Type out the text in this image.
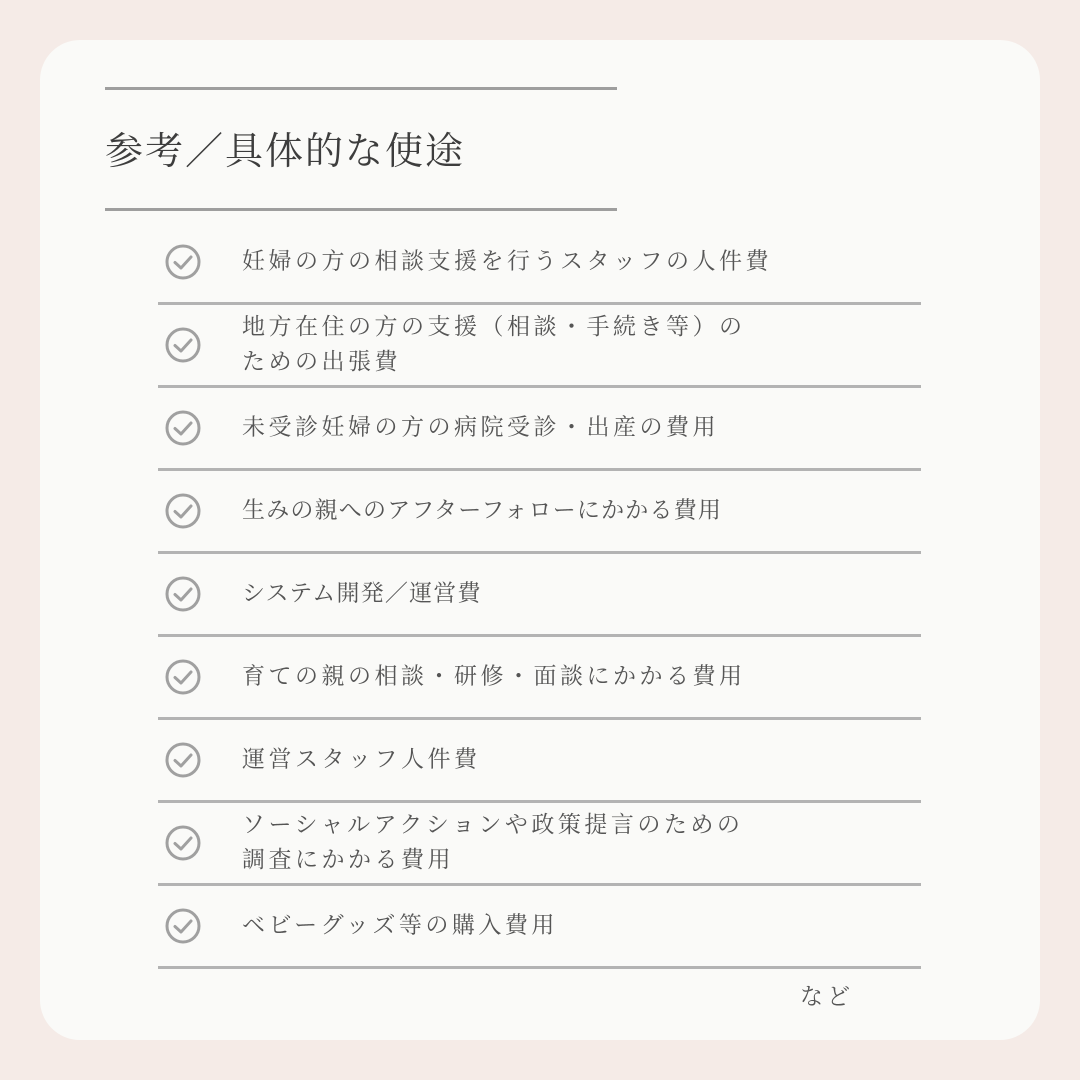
参考／具体的な使途
妊婦の方の相談支援を行うスタッフの人件費
地方在住の方の支援（相談・手続き等）の
ための出張費
未受診妊婦の方の病院受診・出産の費用
生みの親へのアフターフォローにかかる費用
システム開発／運営費
育ての親の相談・研修・面談にかかる費用
運営スタッフ人件費
ソーシャルアクションや政策提言のための
調査にかかる費用
ベビーグッズ等の購入費用
など
